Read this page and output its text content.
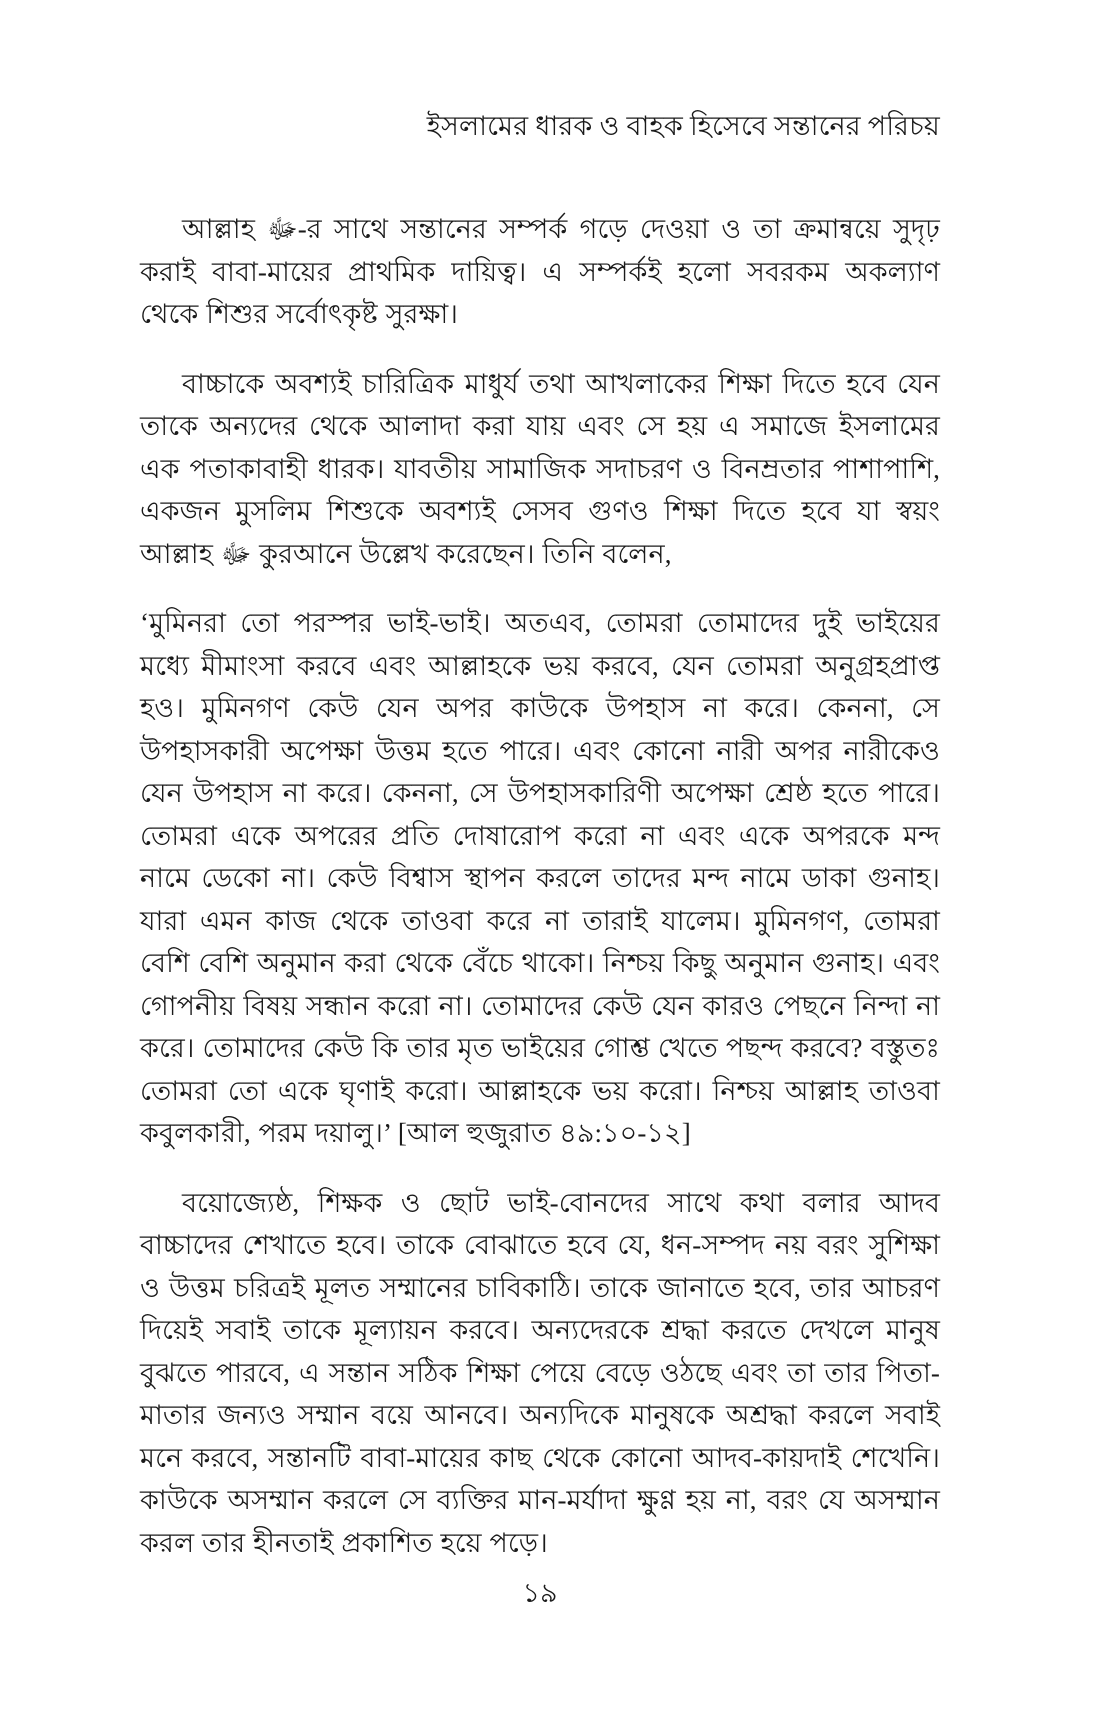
ইসলামের ধারক ও বাহক হিসেবে সন্তানের পরিচয়

আল্লাহ ﷻ-র সাথে সন্তানের সম্পর্ক গড়ে দেওয়া ও তা ক্রমান্বয়ে সুদৃঢ় করাই বাবা-মায়ের প্রাথমিক দায়িত্ব। এ সম্পর্কই হলো সবরকম অকল্যাণ থেকে শিশুর সর্বোৎকৃষ্ট সুরক্ষা।

বাচ্চাকে অবশ্যই চারিত্রিক মাধুর্য তথা আখলাকের শিক্ষা দিতে হবে যেন তাকে অন্যদের থেকে আলাদা করা যায় এবং সে হয় এ সমাজে ইসলামের এক পতাকাবাহী ধারক। যাবতীয় সামাজিক সদাচরণ ও বিনম্রতার পাশাপাশি, একজন মুসলিম শিশুকে অবশ্যই সেসব গুণও শিক্ষা দিতে হবে যা স্বয়ং আল্লাহ ﷻ কুরআনে উল্লেখ করেছেন। তিনি বলেন,

‘মুমিনরা তো পরস্পর ভাই-ভাই। অতএব, তোমরা তোমাদের দুই ভাইয়ের মধ্যে মীমাংসা করবে এবং আল্লাহকে ভয় করবে, যেন তোমরা অনুগ্রহপ্রাপ্ত হও। মুমিনগণ কেউ যেন অপর কাউকে উপহাস না করে। কেননা, সে উপহাসকারী অপেক্ষা উত্তম হতে পারে। এবং কোনো নারী অপর নারীকেও যেন উপহাস না করে। কেননা, সে উপহাসকারিণী অপেক্ষা শ্রেষ্ঠ হতে পারে। তোমরা একে অপরের প্রতি দোষারোপ করো না এবং একে অপরকে মন্দ নামে ডেকো না। কেউ বিশ্বাস স্থাপন করলে তাদের মন্দ নামে ডাকা গুনাহ। যারা এমন কাজ থেকে তাওবা করে না তারাই যালেম। মুমিনগণ, তোমরা বেশি বেশি অনুমান করা থেকে বেঁচে থাকো। নিশ্চয় কিছু অনুমান গুনাহ। এবং গোপনীয় বিষয় সন্ধান করো না। তোমাদের কেউ যেন কারও পেছনে নিন্দা না করে। তোমাদের কেউ কি তার মৃত ভাইয়ের গোশ্ত খেতে পছন্দ করবে? বস্তুতঃ তোমরা তো একে ঘৃণাই করো। আল্লাহকে ভয় করো। নিশ্চয় আল্লাহ তাওবা কবুলকারী, পরম দয়ালু।’ [আল হুজুরাত ৪৯:১০-১২]

বয়োজ্যেষ্ঠ, শিক্ষক ও ছোট ভাই-বোনদের সাথে কথা বলার আদব বাচ্চাদের শেখাতে হবে। তাকে বোঝাতে হবে যে, ধন-সম্পদ নয় বরং সুশিক্ষা ও উত্তম চরিত্রই মূলত সম্মানের চাবিকাঠি। তাকে জানাতে হবে, তার আচরণ দিয়েই সবাই তাকে মূল্যায়ন করবে। অন্যদেরকে শ্রদ্ধা করতে দেখলে মানুষ বুঝতে পারবে, এ সন্তান সঠিক শিক্ষা পেয়ে বেড়ে ওঠছে এবং তা তার পিতা-মাতার জন্যও সম্মান বয়ে আনবে। অন্যদিকে মানুষকে অশ্রদ্ধা করলে সবাই মনে করবে, সন্তানটি বাবা-মায়ের কাছ থেকে কোনো আদব-কায়দাই শেখেনি। কাউকে অসম্মান করলে সে ব্যক্তির মান-মর্যাদা ক্ষুণ্ণ হয় না, বরং যে অসম্মান করল তার হীনতাই প্রকাশিত হয়ে পড়ে।

১৯
